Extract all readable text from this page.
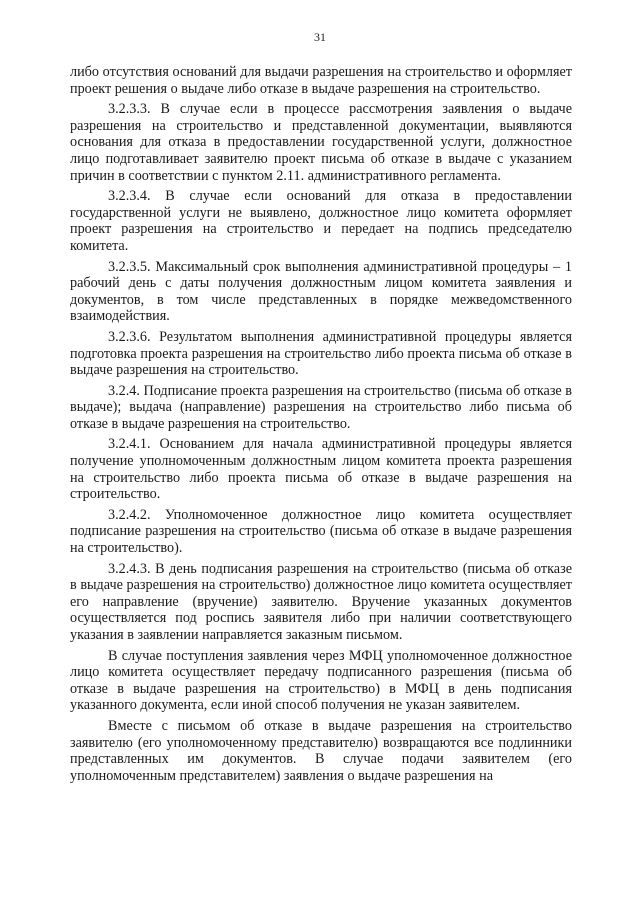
31

либо отсутствия оснований для выдачи разрешения на строительство и оформляет проект решения о выдаче либо отказе в выдаче разрешения на строительство.

3.2.3.3. В случае если в процессе рассмотрения заявления о выдаче разрешения на строительство и представленной документации, выявляются основания для отказа в предоставлении государственной услуги, должностное лицо подготавливает заявителю проект письма об отказе в выдаче с указанием причин в соответствии с пунктом 2.11. административного регламента.

3.2.3.4. В случае если оснований для отказа в предоставлении государственной услуги не выявлено, должностное лицо комитета оформляет проект разрешения на строительство и передает на подпись председателю комитета.

3.2.3.5. Максимальный срок выполнения административной процедуры – 1 рабочий день с даты получения должностным лицом комитета заявления и документов, в том числе представленных в порядке межведомственного взаимодействия.

3.2.3.6. Результатом выполнения административной процедуры является подготовка проекта разрешения на строительство либо проекта письма об отказе в выдаче разрешения на строительство.

3.2.4. Подписание проекта разрешения на строительство (письма об отказе в выдаче); выдача (направление) разрешения на строительство либо письма об отказе в выдаче разрешения на строительство.

3.2.4.1. Основанием для начала административной процедуры является получение уполномоченным должностным лицом комитета проекта разрешения на строительство либо проекта письма об отказе в выдаче разрешения на строительство.

3.2.4.2. Уполномоченное должностное лицо комитета осуществляет подписание разрешения на строительство (письма об отказе в выдаче разрешения на строительство).

3.2.4.3. В день подписания разрешения на строительство (письма об отказе в выдаче разрешения на строительство) должностное лицо комитета осуществляет его направление (вручение) заявителю. Вручение указанных документов осуществляется под роспись заявителя либо при наличии соответствующего указания в заявлении направляется заказным письмом.

В случае поступления заявления через МФЦ уполномоченное должностное лицо комитета осуществляет передачу подписанного разрешения (письма об отказе в выдаче разрешения на строительство) в МФЦ в день подписания указанного документа, если иной способ получения не указан заявителем.

Вместе с письмом об отказе в выдаче разрешения на строительство заявителю (его уполномоченному представителю) возвращаются все подлинники представленных им документов. В случае подачи заявителем (его уполномоченным представителем) заявления о выдаче разрешения на
